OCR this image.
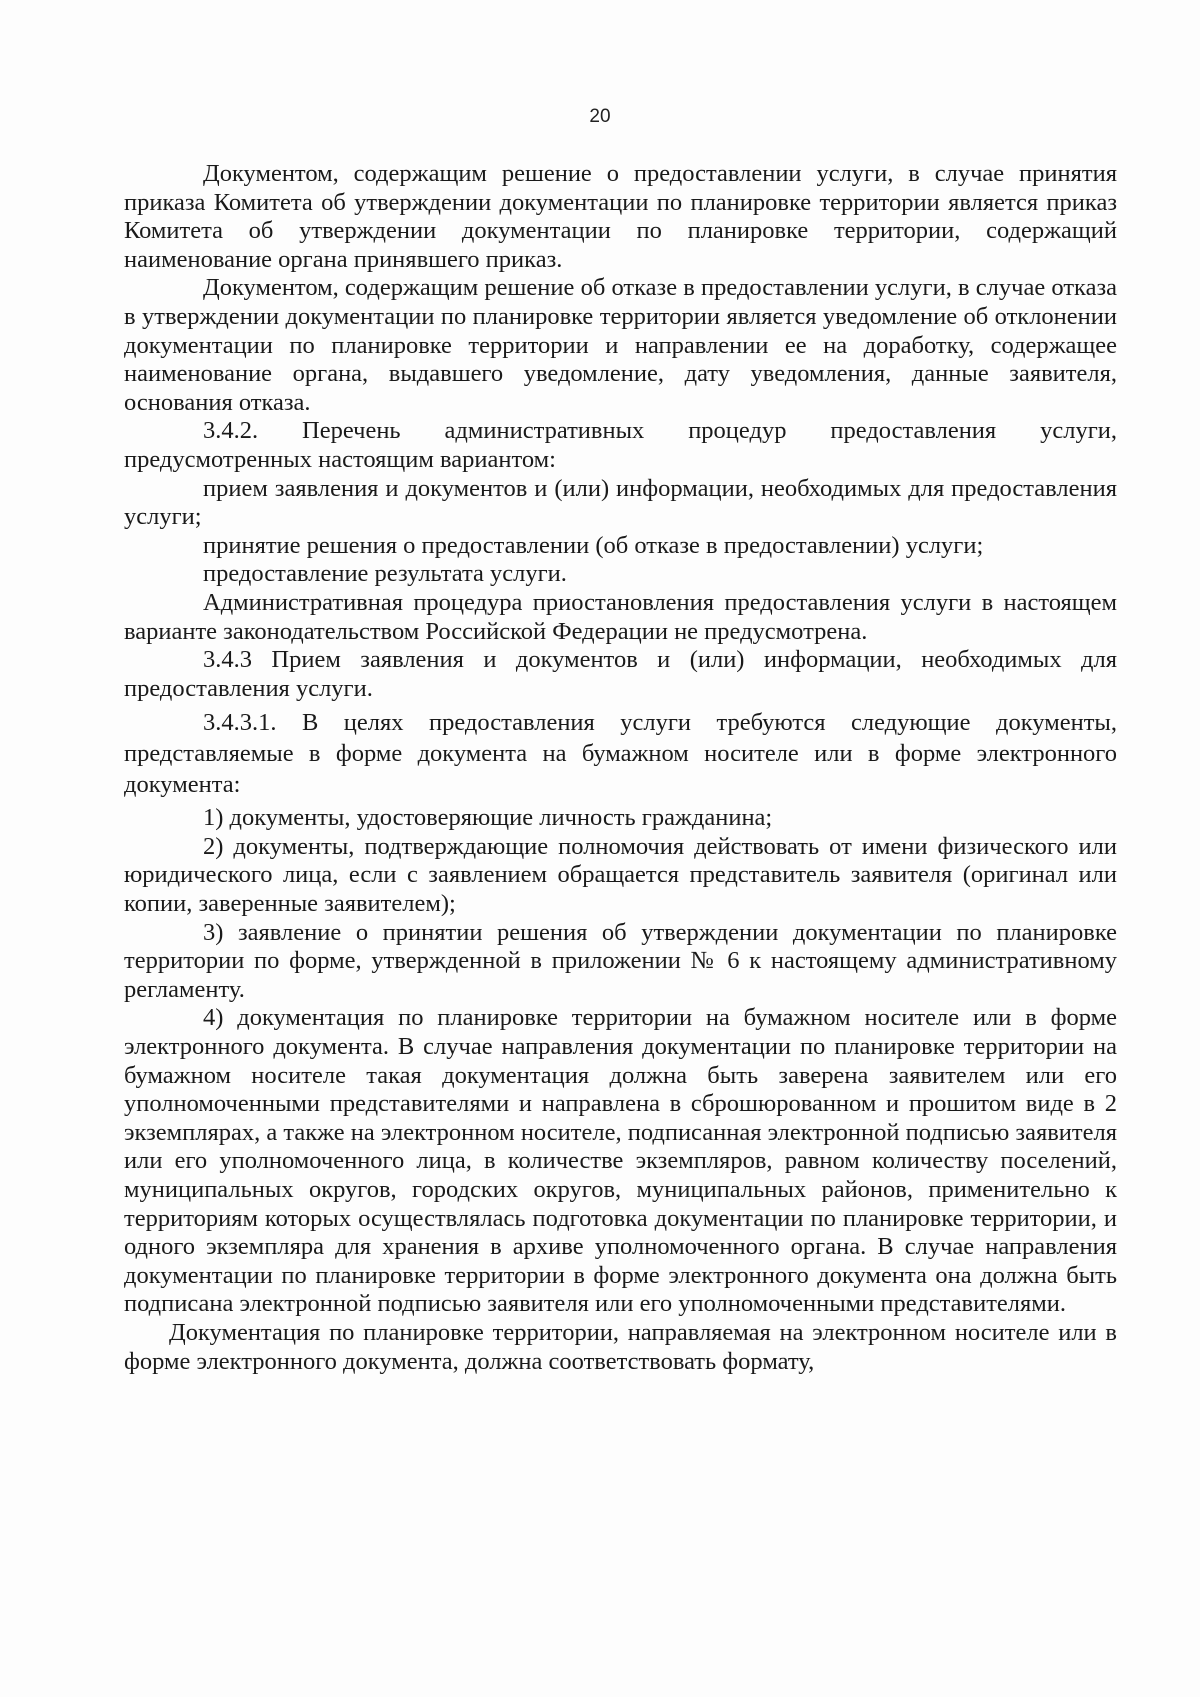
20

Документом, содержащим решение о предоставлении услуги, в случае принятия приказа Комитета об утверждении документации по планировке территории является приказ Комитета об утверждении документации по планировке территории, содержащий наименование органа принявшего приказ.

Документом, содержащим решение об отказе в предоставлении услуги, в случае отказа в утверждении документации по планировке территории является уведомление об отклонении документации по планировке территории и направлении ее на доработку, содержащее наименование органа, выдавшего уведомление, дату уведомления, данные заявителя, основания отказа.

3.4.2. Перечень административных процедур предоставления услуги, предусмотренных настоящим вариантом:

прием заявления и документов и (или) информации, необходимых для предоставления услуги;

принятие решения о предоставлении (об отказе в предоставлении) услуги;

предоставление результата услуги.

Административная процедура приостановления предоставления услуги в настоящем варианте законодательством Российской Федерации не предусмотрена.

3.4.3 Прием заявления и документов и (или) информации, необходимых для предоставления услуги.

3.4.3.1. В целях предоставления услуги требуются следующие документы, представляемые в форме документа на бумажном носителе или в форме электронного документа:

1) документы, удостоверяющие личность гражданина;

2) документы, подтверждающие полномочия действовать от имени физического или юридического лица, если с заявлением обращается представитель заявителя (оригинал или копии, заверенные заявителем);

3) заявление о принятии решения об утверждении документации по планировке территории по форме, утвержденной в приложении № 6 к настоящему административному регламенту.

4) документация по планировке территории на бумажном носителе или в форме электронного документа. В случае направления документации по планировке территории на бумажном носителе такая документация должна быть заверена заявителем или его уполномоченными представителями и направлена в сброшюрованном и прошитом виде в 2 экземплярах, а также на электронном носителе, подписанная электронной подписью заявителя или его уполномоченного лица, в количестве экземпляров, равном количеству поселений, муниципальных округов, городских округов, муниципальных районов, применительно к территориям которых осуществлялась подготовка документации по планировке территории, и одного экземпляра для хранения в архиве уполномоченного органа. В случае направления документации по планировке территории в форме электронного документа она должна быть подписана электронной подписью заявителя или его уполномоченными представителями.

Документация по планировке территории, направляемая на электронном носителе или в форме электронного документа, должна соответствовать формату,
